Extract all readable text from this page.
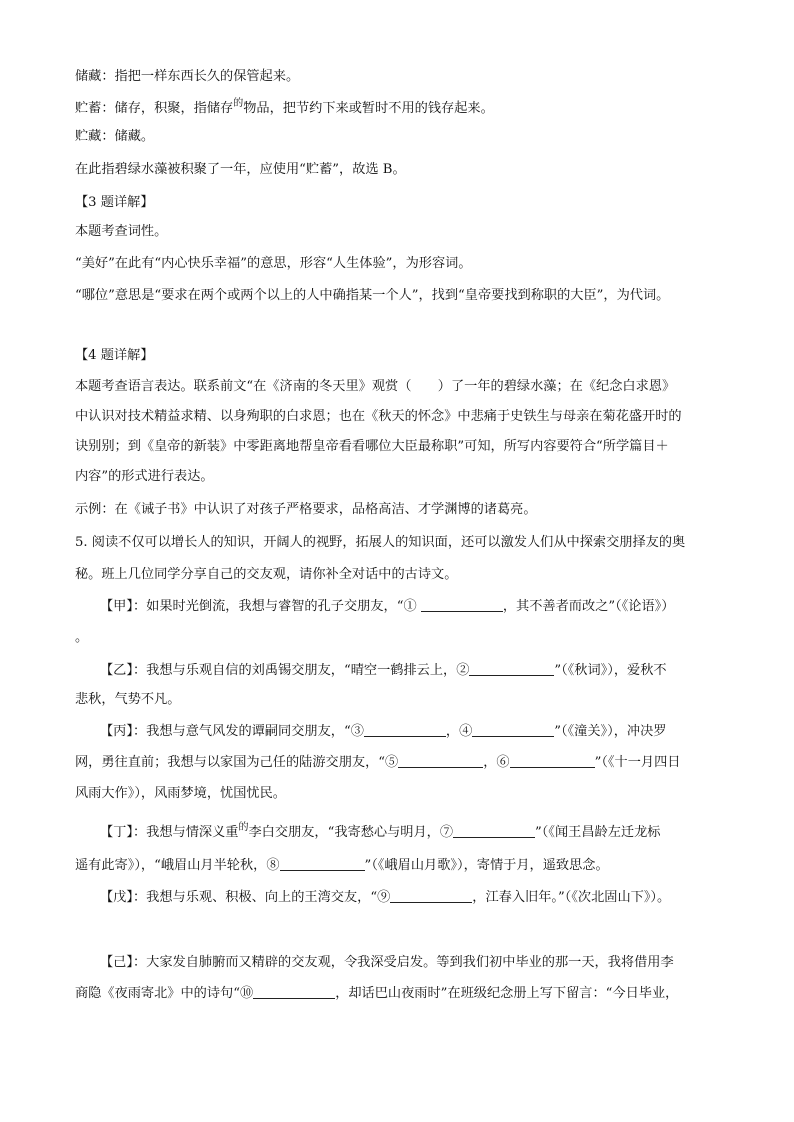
储藏：指把一样东西长久的保管起来。
贮蓄：储存，积聚，指储存$^的$物品，把节约下来或暂时不用的钱存起来。
贮藏：储藏。
在此指碧绿水藻被积聚了一年，应使用“贮蓄”，故选 B。
【3 题详解】
本题考查词性。
“美好”在此有“内心快乐幸福”的意思，形容“人生体验”，为形容词。
“哪位”意思是“要求在两个或两个以上的人中确指某一个人”，找到“皇帝要找到称职的大臣”，为代词。
【4 题详解】
本题考查语言表达。联系前文“在《济南的冬天里》观赏（　　）了一年的碧绿水藻；在《纪念白求恩》
中认识对技术精益求精、以身殉职的白求恩；也在《秋天的怀念》中悲痛于史铁生与母亲在菊花盛开时的
诀别别；到《皇帝的新装》中零距离地帮皇帝看看哪位大臣最称职”可知，所写内容要符合“所学篇目＋
内容”的形式进行表达。
示例：在《诫子书》中认识了对孩子严格要求，品格高洁、才学渊博的诸葛亮。
5. 阅读不仅可以增长人的知识，开阔人的视野，拓展人的知识面，还可以激发人们从中探索交朋择友的奥
秘。班上几位同学分享自己的交友观，请你补全对话中的古诗文。
【甲】：如果时光倒流，我想与睿智的孔子交朋友，“①	，其不善者而改之”（《论语》）
。
【乙】：我想与乐观自信的刘禹锡交朋友，“晴空一鹤排云上，②	”（《秋词》），爱秋不
悲秋，气势不凡。
【丙】：我想与意气风发的谭嗣同交朋友，“③	，④	”（《潼关》），冲决罗
网，勇往直前；我想与以家国为己任的陆游交朋友，“⑤	，⑥	”（《十一月四日
风雨大作》），风雨梦境，忧国忧民。
【丁】：我想与情深义重$^的$李白交朋友，“我寄愁心与明月，⑦	”（《闻王昌龄左迁龙标
遥有此寄》），“峨眉山月半轮秋，⑧	”（《峨眉山月歌》），寄情于月，遥致思念。
【戊】：我想与乐观、积极、向上的王湾交友，“⑨	，江春入旧年。”（《次北固山下》）。
【己】：大家发自肺腑而又精辟的交友观，令我深受启发。等到我们初中毕业的那一天，我将借用李
商隐《夜雨寄北》中的诗句“⑩	，却话巴山夜雨时”在班级纪念册上写下留言：“今日毕业，
